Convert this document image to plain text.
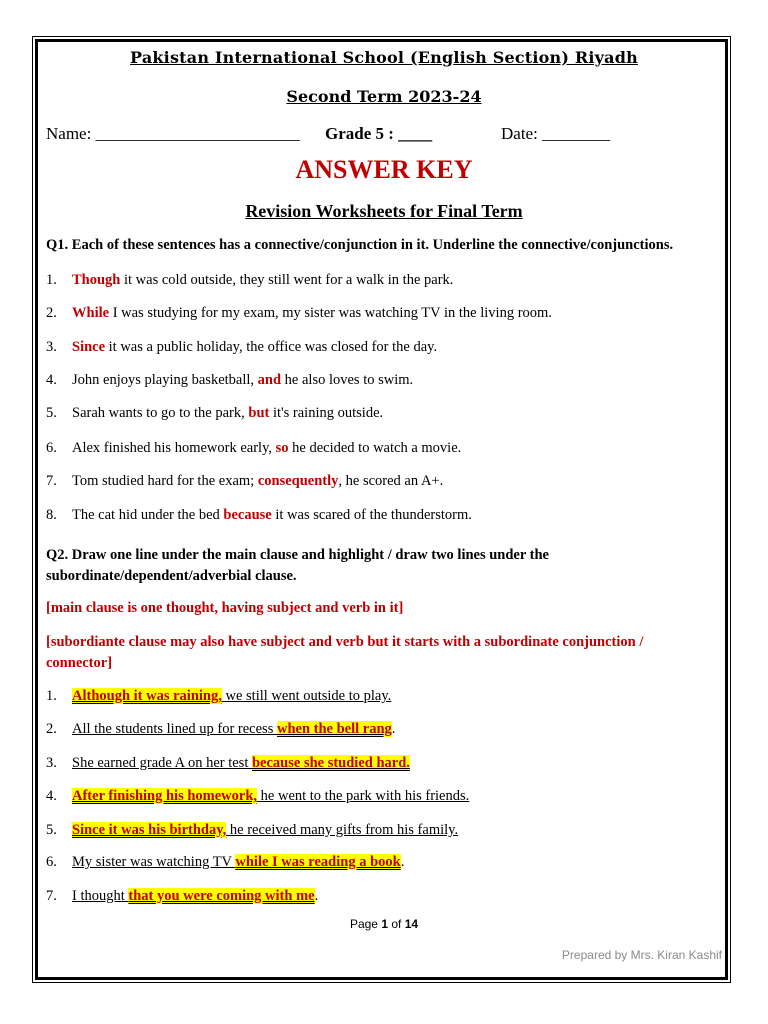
Pakistan International School (English Section) Riyadh
Second Term 2023-24
Name: ________________________ Grade 5 : ____	Date: ________
ANSWER KEY
Revision Worksheets for Final Term
Q1. Each of these sentences has a connective/conjunction in it. Underline the connective/conjunctions.
1. Though it was cold outside, they still went for a walk in the park.
2. While I was studying for my exam, my sister was watching TV in the living room.
3. Since it was a public holiday, the office was closed for the day.
4. John enjoys playing basketball, and he also loves to swim.
5. Sarah wants to go to the park, but it's raining outside.
6. Alex finished his homework early, so he decided to watch a movie.
7. Tom studied hard for the exam; consequently, he scored an A+.
8. The cat hid under the bed because it was scared of the thunderstorm.
Q2. Draw one line under the main clause and highlight / draw two lines under the subordinate/dependent/adverbial clause.
[main clause is one thought, having subject and verb in it]
[subordiante clause may also have subject and verb but it starts with a subordinate conjunction / connector]
1. Although it was raining, we still went outside to play.
2. All the students lined up for recess when the bell rang.
3. She earned grade A on her test because she studied hard.
4. After finishing his homework, he went to the park with his friends.
5. Since it was his birthday, he received many gifts from his family.
6. My sister was watching TV while I was reading a book.
7. I thought that you were coming with me.
Page 1 of 14
Prepared by Mrs. Kiran Kashif
